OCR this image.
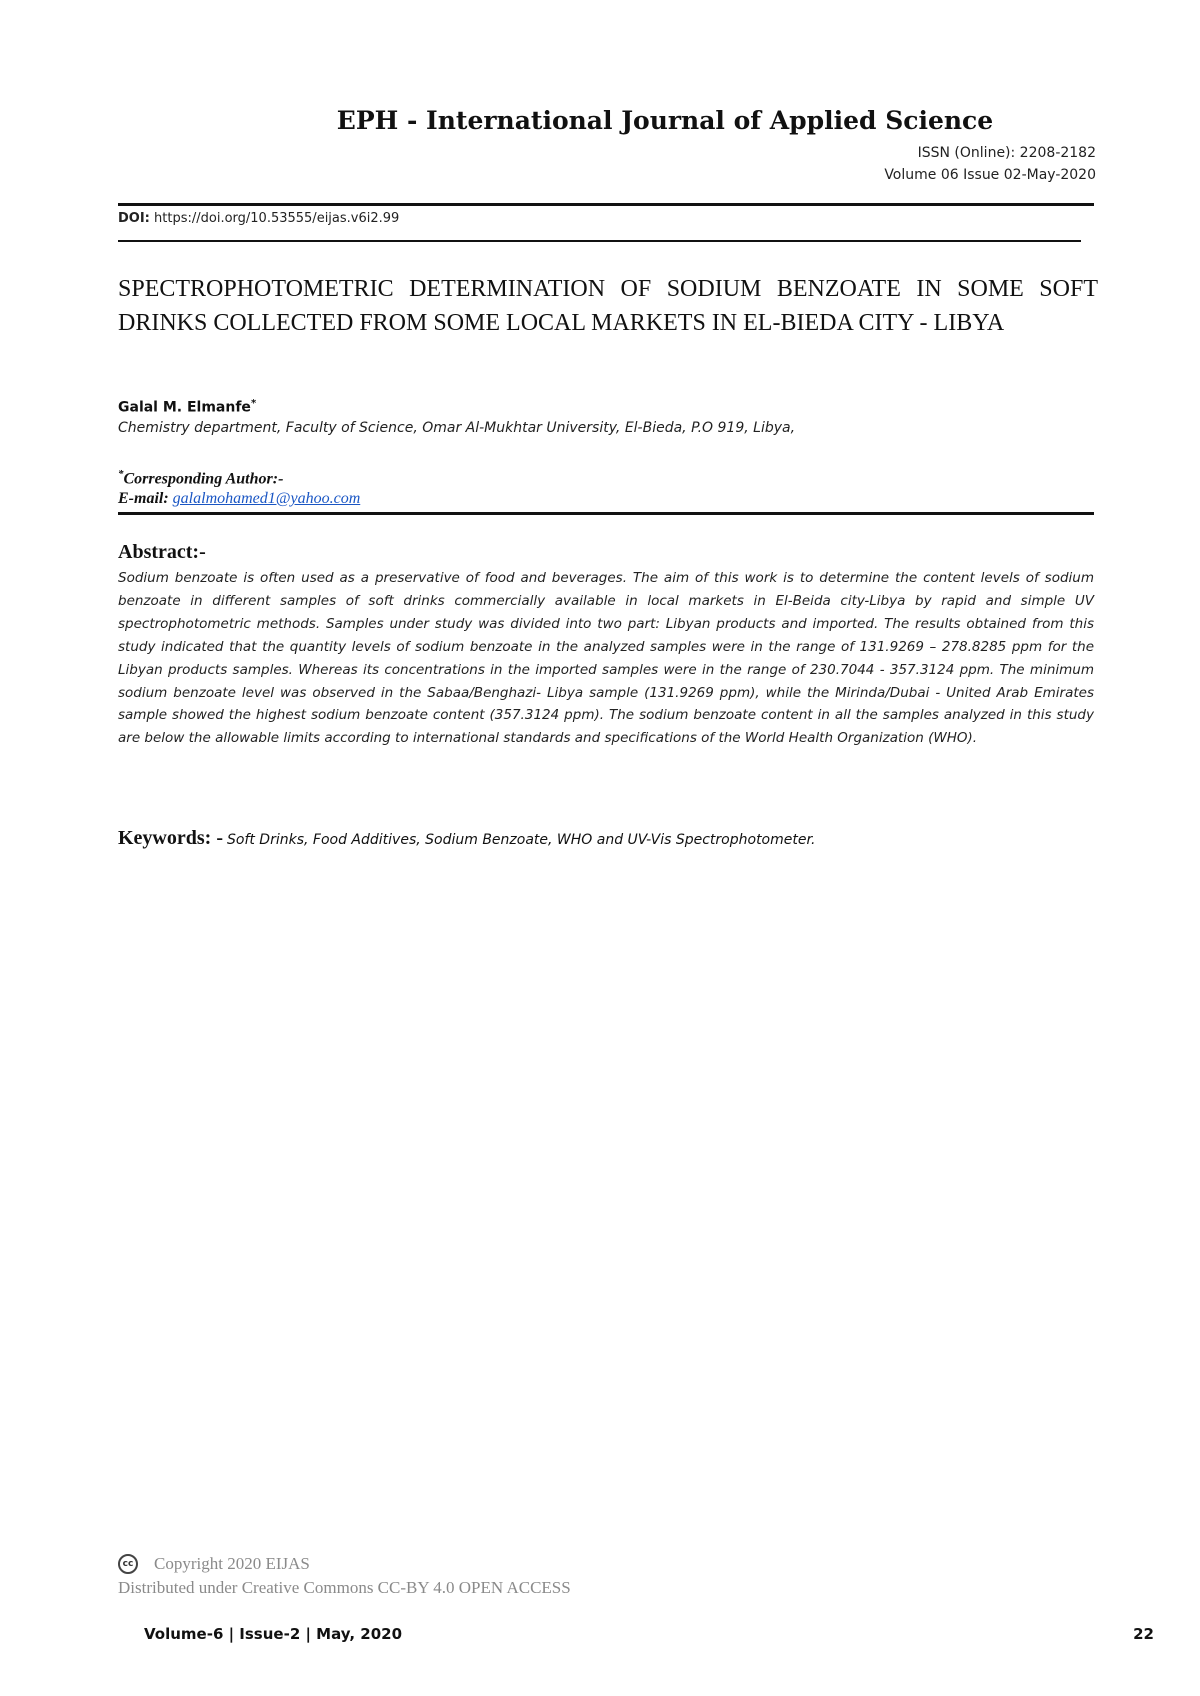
EPH - International Journal of Applied Science
ISSN (Online): 2208-2182
Volume 06 Issue 02-May-2020
DOI: https://doi.org/10.53555/eijas.v6i2.99
SPECTROPHOTOMETRIC DETERMINATION OF SODIUM BENZOATE IN SOME SOFT DRINKS COLLECTED FROM SOME LOCAL MARKETS IN EL-BIEDA CITY - LIBYA
Galal M. Elmanfe*
Chemistry department, Faculty of Science, Omar Al-Mukhtar University, El-Bieda, P.O 919, Libya,
*Corresponding Author:-
E-mail: galalmohamed1@yahoo.com
Abstract:-

Sodium benzoate is often used as a preservative of food and beverages. The aim of this work is to determine the content levels of sodium benzoate in different samples of soft drinks commercially available in local markets in El-Beida city-Libya by rapid and simple UV spectrophotometric methods. Samples under study was divided into two part: Libyan products and imported. The results obtained from this study indicated that the quantity levels of sodium benzoate in the analyzed samples were in the range of 131.9269 – 278.8285 ppm for the Libyan products samples. Whereas its concentrations in the imported samples were in the range of 230.7044 - 357.3124 ppm. The minimum sodium benzoate level was observed in the Sabaa/Benghazi- Libya sample (131.9269 ppm), while the Mirinda/Dubai - United Arab Emirates sample showed the highest sodium benzoate content (357.3124 ppm). The sodium benzoate content in all the samples analyzed in this study are below the allowable limits according to international standards and specifications of the World Health Organization (WHO).

Keywords: - Soft Drinks, Food Additives, Sodium Benzoate, WHO and UV-Vis Spectrophotometer.
cc Copyright 2020 EIJAS
Distributed under Creative Commons CC-BY 4.0 OPEN ACCESS
Volume-6 | Issue-2 | May, 2020	22
